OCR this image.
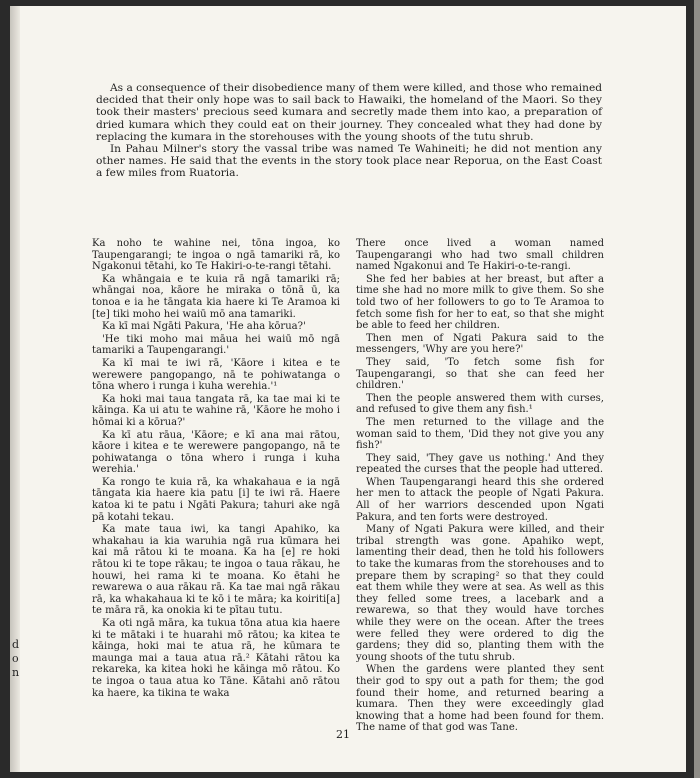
d
o
n

As a consequence of their disobedience many of them were killed, and those who remained decided that their only hope was to sail back to Hawaiki, the homeland of the Maori. So they took their masters' precious seed kumara and secretly made them into kao, a preparation of dried kumara which they could eat on their journey. They concealed what they had done by replacing the kumara in the storehouses with the young shoots of the tutu shrub.

In Pahau Milner's story the vassal tribe was named Te Wahineiti; he did not mention any other names. He said that the events in the story took place near Reporua, on the East Coast a few miles from Ruatoria.

Ka noho te wahine nei, tōna ingoa, ko Taupengarangi; te ingoa o ngā tamariki rā, ko Ngakonui tētahi, ko Te Hakiri-o-te-rangi tētahi.

Ka whāngaia e te kuia rā ngā tamariki rā; whāngai noa, kāore he miraka o tōnā ū, ka tonoa e ia he tāngata kia haere ki Te Aramoa ki [te] tiki moho hei waiū mō ana tamariki.

Ka kī mai Ngāti Pakura, 'He aha kōrua?'

'He tiki moho mai māua hei waiū mō ngā tamariki a Taupengarangi.'

Ka kī mai te iwi rā, 'Kāore i kitea e te werewere pangopango, nā te pohiwatanga o tōna whero i runga i kuha werehia.'¹

Ka hoki mai taua tangata rā, ka tae mai ki te kāinga. Ka ui atu te wahine rā, 'Kāore he moho i hōmai ki a kōrua?'

Ka kī atu rāua, 'Kāore; e kī ana mai rātou, kāore i kitea e te werewere pangopango, nā te pohiwatanga o tōna whero i runga i kuha werehia.'

Ka rongo te kuia rā, ka whakahaua e ia ngā tāngata kia haere kia patu [i] te iwi rā. Haere katoa ki te patu i Ngāti Pakura; tahuri ake ngā pā kotahi tekau.

Ka mate taua iwi, ka tangi Apahiko, ka whakahau ia kia waruhia ngā rua kūmara hei kai mā rātou ki te moana. Ka ha [e] re hoki rātou ki te tope rākau; te ingoa o taua rākau, he houwi, hei rama ki te moana. Ko ētahi he rewarewa o aua rākau rā. Ka tae mai ngā rākau rā, ka whakahaua ki te kō i te māra; ka koiriti[a] te māra rā, ka onokia ki te pītau tutu.

Ka oti ngā māra, ka tukua tōna atua kia haere ki te mātaki i te huarahi mō rātou; ka kitea te kāinga, hoki mai te atua rā, he kūmara te maunga mai a taua atua rā.² Kātahi rātou ka rekareka, ka kitea hoki he kāinga mō rātou. Ko te ingoa o taua atua ko Tāne. Kātahi anō rātou ka haere, ka tikina te waka

There once lived a woman named Taupengarangi who had two small children named Ngakonui and Te Hakiri-o-te-rangi.

She fed her babies at her breast, but after a time she had no more milk to give them. So she told two of her followers to go to Te Aramoa to fetch some fish for her to eat, so that she might be able to feed her children.

Then men of Ngati Pakura said to the messengers, 'Why are you here?'

They said, 'To fetch some fish for Taupengarangi, so that she can feed her children.'

Then the people answered them with curses, and refused to give them any fish.¹

The men returned to the village and the woman said to them, 'Did they not give you any fish?'

They said, 'They gave us nothing.' And they repeated the curses that the people had uttered.

When Taupengarangi heard this she ordered her men to attack the people of Ngati Pakura. All of her warriors descended upon Ngati Pakura, and ten forts were destroyed.

Many of Ngati Pakura were killed, and their tribal strength was gone. Apahiko wept, lamenting their dead, then he told his followers to take the kumaras from the storehouses and to prepare them by scraping² so that they could eat them while they were at sea. As well as this they felled some trees, a lacebark and a rewarewa, so that they would have torches while they were on the ocean. After the trees were felled they were ordered to dig the gardens; they did so, planting them with the young shoots of the tutu shrub.

When the gardens were planted they sent their god to spy out a path for them; the god found their home, and returned bearing a kumara. Then they were exceedingly glad knowing that a home had been found for them. The name of that god was Tane.

21
